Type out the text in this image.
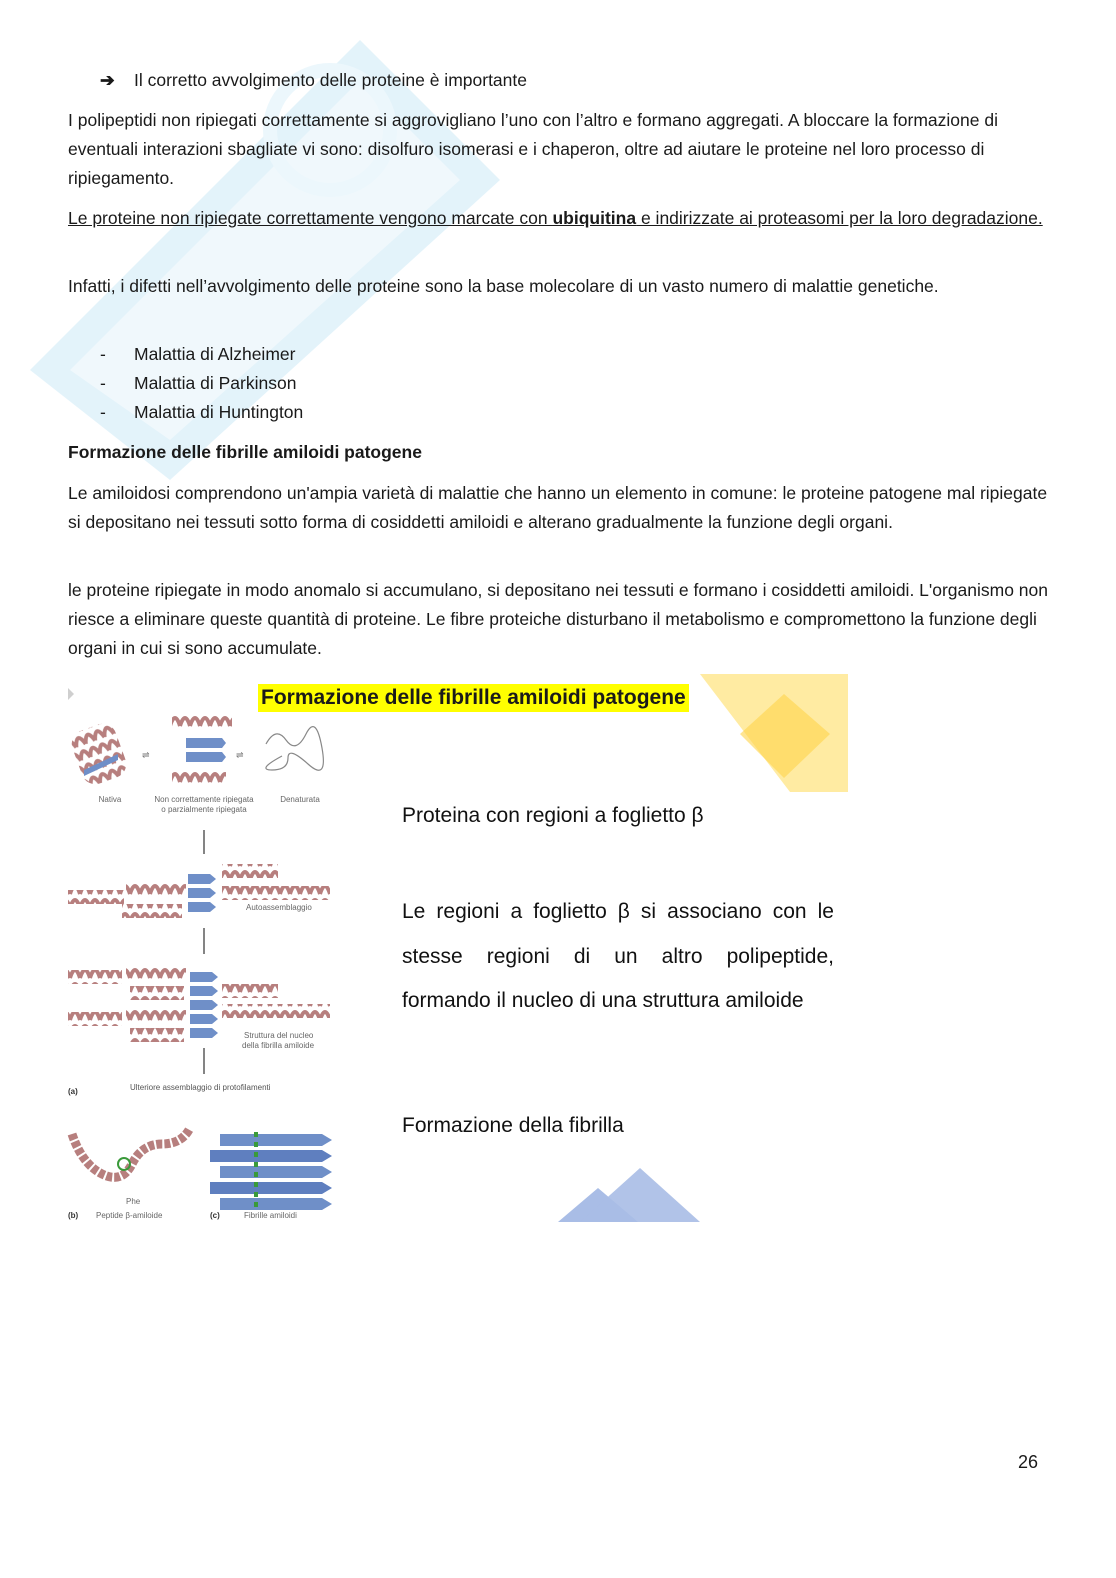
➔ Il corretto avvolgimento delle proteine è importante

I polipeptidi non ripiegati correttamente si aggrovigliano l’uno con l’altro e formano aggregati. A bloccare la formazione di eventuali interazioni sbagliate vi sono: disolfuro isomerasi e i chaperon, oltre ad aiutare le proteine nel loro processo di ripiegamento.

Le proteine non ripiegate correttamente vengono marcate con ubiquitina e indirizzate ai proteasomi per la loro degradazione.

Infatti, i difetti nell’avvolgimento delle proteine sono la base molecolare di un vasto numero di malattie genetiche.

- Malattia di Alzheimer
- Malattia di Parkinson
- Malattia di Huntington
Formazione delle fibrille amiloidi patogene

Le amiloidosi comprendono un'ampia varietà di malattie che hanno un elemento in comune: le proteine patogene mal ripiegate si depositano nei tessuti sotto forma di cosiddetti amiloidi e alterano gradualmente la funzione degli organi.

le proteine ripiegate in modo anomalo si accumulano, si depositano nei tessuti e formano i cosiddetti amiloidi. L'organismo non riesce a eliminare queste quantità di proteine. Le fibre proteiche disturbano il metabolismo e compromettono la funzione degli organi in cui si sono accumulate.

Formazione delle fibrille amiloidi patogene
Proteina con regioni a foglietto β
Le regioni a foglietto β si associano con le stesse regioni di un altro polipeptide, formando il nucleo di una struttura amiloide
Formazione della fibrilla
⇌	⇌
Nativa	Non correttamente ripiegata
o parzialmente ripiegata
Denaturata
Autoassemblaggio
Struttura del nucleo
della fibrilla amiloide
(a)	Ulteriore assemblaggio di protofilamenti
Phe
(b) Peptide β-amiloide	(c)	Fibrille amiloidi
26
